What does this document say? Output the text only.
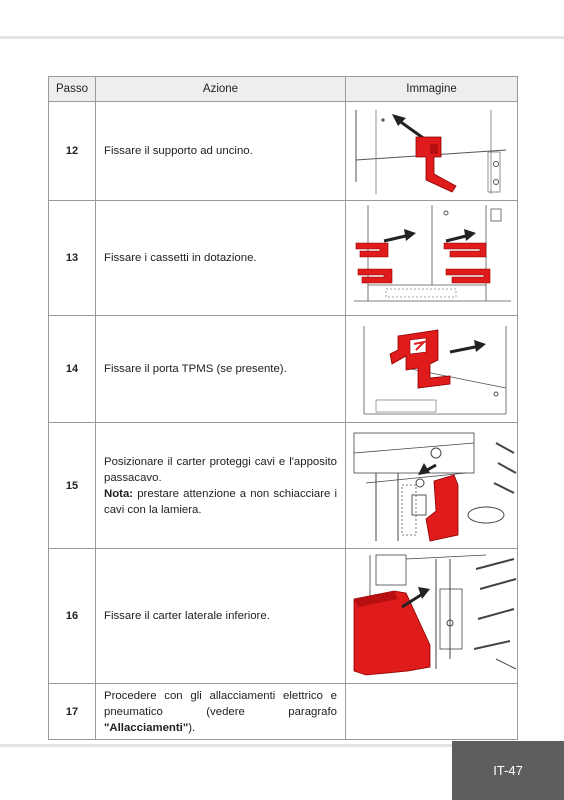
Passo	Azione	Immagine
12	Fissare il supporto ad uncino.	

13	Fissare i cassetti in dotazione.	

14	Fissare il porta TPMS (se presente).	

15	Posizionare il carter proteggi cavi e l'apposito passacavo.
Nota: prestare attenzione a non schiacciare i cavi con la lamiera.	

16	Fissare il carter laterale inferiore.	

17	Procedere con gli allacciamenti elettrico e pneumatico (vedere paragrafo "Allacciamenti").	
IT-47
